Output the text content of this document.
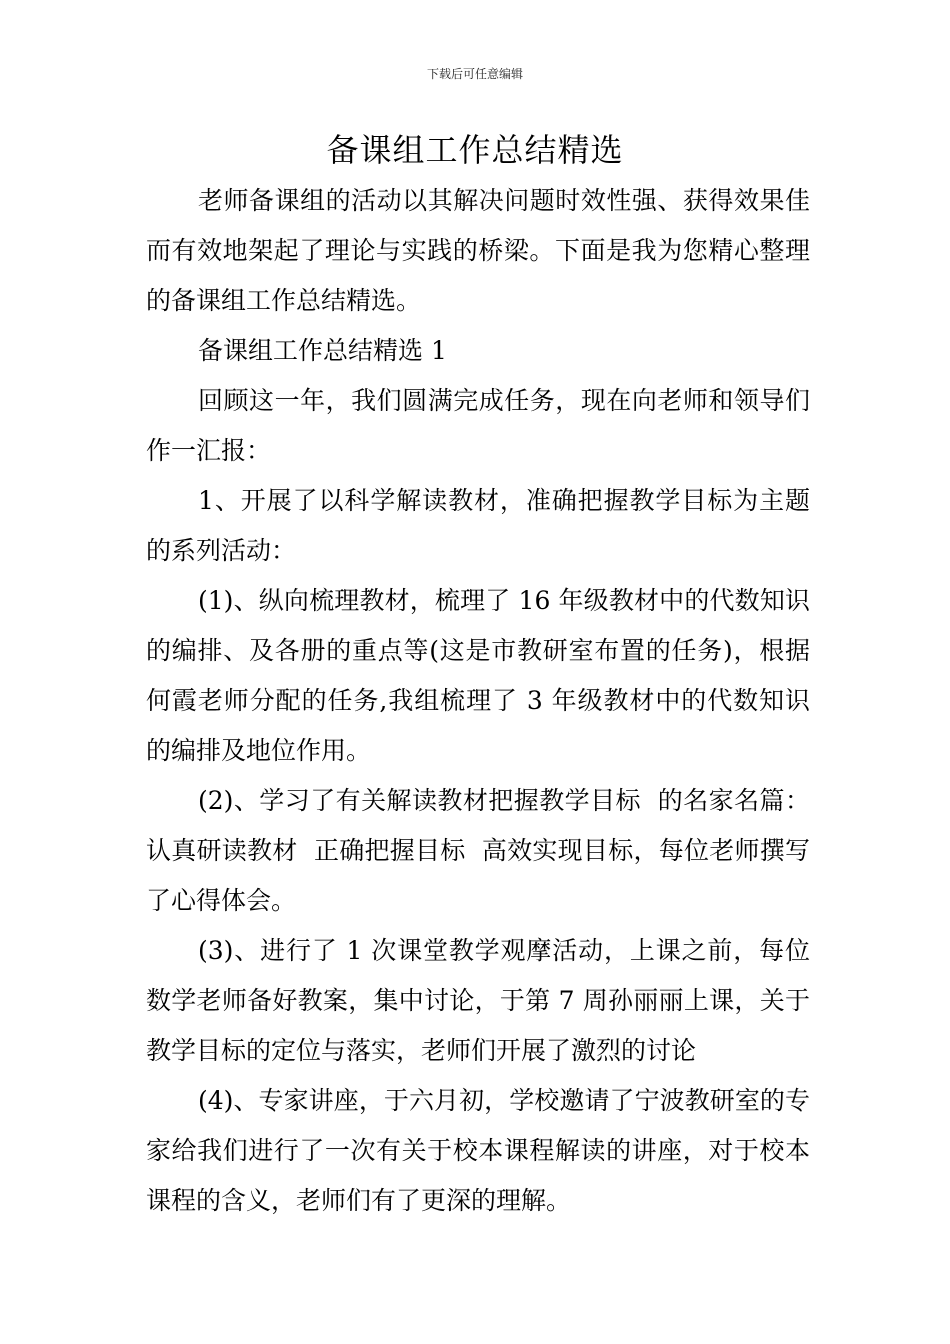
下载后可任意编辑
备课组工作总结精选

老师备课组的活动以其解决问题时效性强、获得效果佳而有效地架起了理论与实践的桥梁。下面是我为您精心整理的备课组工作总结精选。

备课组工作总结精选 1

回顾这一年，我们圆满完成任务，现在向老师和领导们作一汇报：

1、开展了以科学解读教材，准确把握教学目标为主题的系列活动：

(1)、纵向梳理教材，梳理了 16 年级教材中的代数知识的编排、及各册的重点等(这是市教研室布置的任务)，根据何霞老师分配的任务,我组梳理了 3 年级教材中的代数知识的编排及地位作用。

(2)、学习了有关解读教材把握教学目标  的名家名篇：认真研读教材  正确把握目标  高效实现目标，每位老师撰写了心得体会。

(3)、进行了 1 次课堂教学观摩活动，上课之前，每位数学老师备好教案，集中讨论，于第 7 周孙丽丽上课，关于教学目标的定位与落实，老师们开展了激烈的讨论

(4)、专家讲座，于六月初，学校邀请了宁波教研室的专家给我们进行了一次有关于校本课程解读的讲座，对于校本课程的含义，老师们有了更深的理解。
